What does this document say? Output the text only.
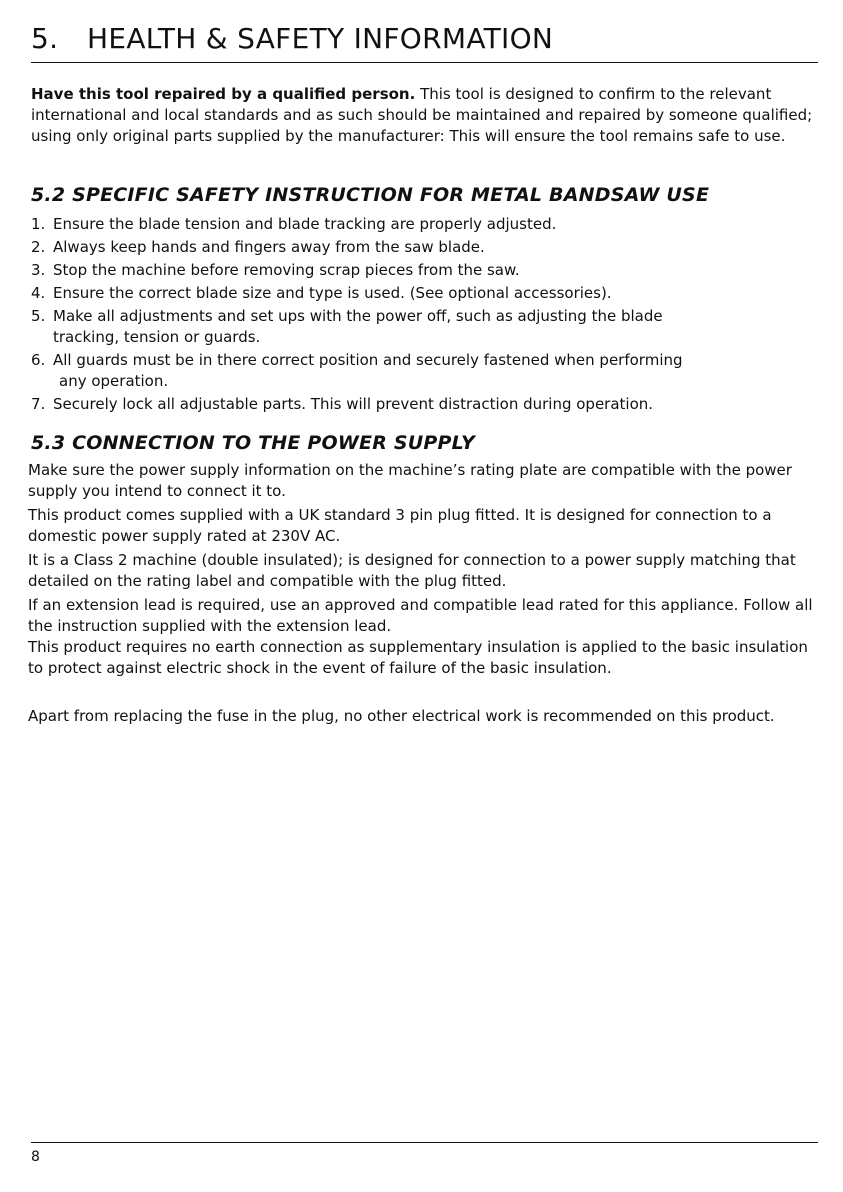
5. HEALTH & SAFETY INFORMATION

Have this tool repaired by a qualified person. This tool is designed to confirm to the relevant international and local standards and as such should be maintained and repaired by someone qualified; using only original parts supplied by the manufacturer: This will ensure the tool remains safe to use.

5.2 SPECIFIC SAFETY INSTRUCTION FOR METAL BANDSAW USE
1. Ensure the blade tension and blade tracking are properly adjusted.
2. Always keep hands and fingers away from the saw blade.
3. Stop the machine before removing scrap pieces from the saw.
4. Ensure the correct blade size and type is used. (See optional accessories).
5. Make all adjustments and set ups with the power off, such as adjusting the blade
tracking, tension or guards.
6. All guards must be in there correct position and securely fastened when performing
any operation.
7. Securely lock all adjustable parts. This will prevent distraction during operation.
5.3 CONNECTION TO THE POWER SUPPLY

Make sure the power supply information on the machine’s rating plate are compatible with the power supply you intend to connect it to.

This product comes supplied with a UK standard 3 pin plug fitted. It is designed for connection to a domestic power supply rated at 230V AC.

It is a Class 2 machine (double insulated); is designed for connection to a power supply matching that detailed on the rating label and compatible with the plug fitted.

If an extension lead is required, use an approved and compatible lead rated for this appliance. Follow all the instruction supplied with the extension lead.

This product requires no earth connection as supplementary insulation is applied to the basic insulation to protect against electric shock in the event of failure of the basic insulation.

Apart from replacing the fuse in the plug, no other electrical work is recommended on this product.

8
